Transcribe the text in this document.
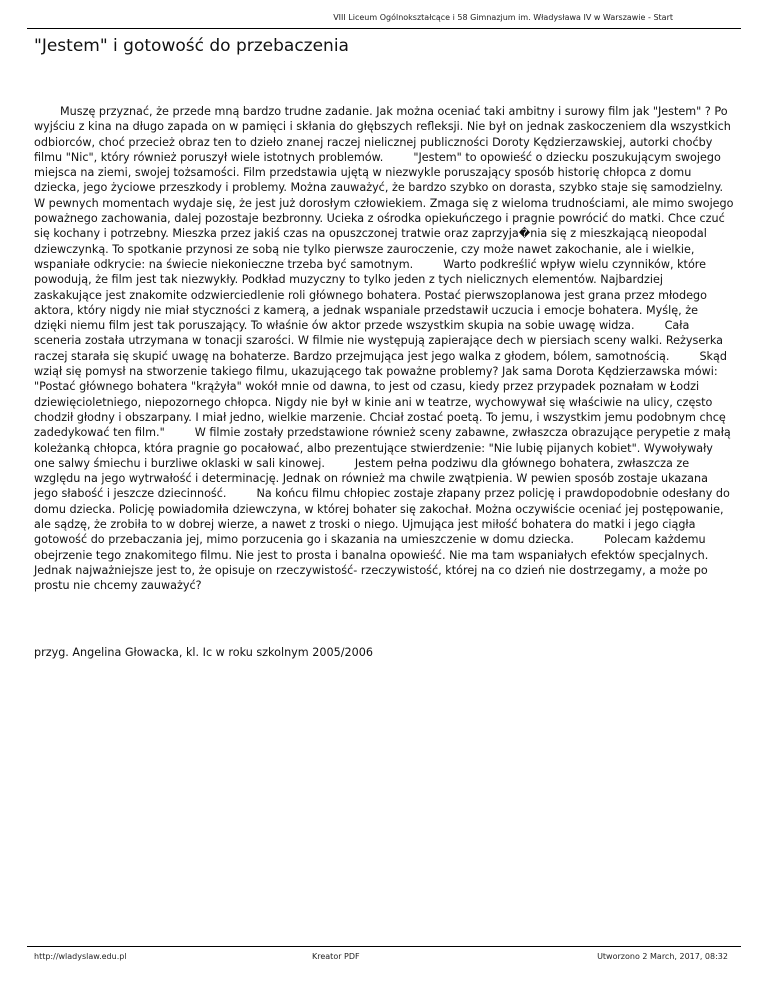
VIII Liceum Ogólnokształcące i 58 Gimnazjum im. Władysława IV w Warszawie - Start
"Jestem" i gotowość do przebaczenia

Muszę przyznać, że przede mną bardzo trudne zadanie. Jak można oceniać taki ambitny i surowy film jak "Jestem" ? Po wyjściu z kina na długo zapada on w pamięci i skłania do głębszych refleksji. Nie był on jednak zaskoczeniem dla wszystkich odbiorców, choć przecież obraz ten to dzieło znanej raczej nielicznej publiczności Doroty Kędzierzawskiej, autorki choćby filmu "Nic", który również poruszył wiele istotnych problemów.	"Jestem" to opowieść o dziecku poszukującym swojego miejsca na ziemi, swojej tożsamości. Film przedstawia ujętą w niezwykle poruszający sposób historię chłopca z domu dziecka, jego życiowe przeszkody i problemy. Można zauważyć, że bardzo szybko on dorasta, szybko staje się samodzielny. W pewnych momentach wydaje się, że jest już dorosłym człowiekiem. Zmaga się z wieloma trudnościami, ale mimo swojego poważnego zachowania, dalej pozostaje bezbronny. Ucieka z ośrodka opiekuńczego i pragnie powrócić do matki. Chce czuć się kochany i potrzebny. Mieszka przez jakiś czas na opuszczonej tratwie oraz zaprzyja�nia się z mieszkającą nieopodal dziewczynką. To spotkanie przynosi ze sobą nie tylko pierwsze zauroczenie, czy może nawet zakochanie, ale i wielkie, wspaniałe odkrycie: na świecie niekonieczne trzeba być samotnym.	Warto podkreślić wpływ wielu czynników, które powodują, że film jest tak niezwykły. Podkład muzyczny to tylko jeden z tych nielicznych elementów. Najbardziej zaskakujące jest znakomite odzwierciedlenie roli głównego bohatera. Postać pierwszoplanowa jest grana przez młodego aktora, który nigdy nie miał styczności z kamerą, a jednak wspaniale przedstawił uczucia i emocje bohatera. Myślę, że dzięki niemu film jest tak poruszający. To właśnie ów aktor przede wszystkim skupia na sobie uwagę widza.	Cała sceneria została utrzymana w tonacji szarości. W filmie nie występują zapierające dech w piersiach sceny walki. Reżyserka raczej starała się skupić uwagę na bohaterze. Bardzo przejmująca jest jego walka z głodem, bólem, samotnością.	Skąd wziął się pomysł na stworzenie takiego filmu, ukazującego tak poważne problemy? Jak sama Dorota Kędzierzawska mówi: "Postać głównego bohatera "krążyła" wokół mnie od dawna, to jest od czasu, kiedy przez przypadek poznałam w Łodzi dziewięcioletniego, niepozornego chłopca. Nigdy nie był w kinie ani w teatrze, wychowywał się właściwie na ulicy, często chodził głodny i obszarpany. I miał jedno, wielkie marzenie. Chciał zostać poetą. To jemu, i wszystkim jemu podobnym chcę zadedykować ten film."	W filmie zostały przedstawione również sceny zabawne, zwłaszcza obrazujące perypetie z małą koleżanką chłopca, która pragnie go pocałować, albo prezentujące stwierdzenie: "Nie lubię pijanych kobiet". Wywoływały one salwy śmiechu i burzliwe oklaski w sali kinowej.	Jestem pełna podziwu dla głównego bohatera, zwłaszcza ze względu na jego wytrwałość i determinację. Jednak on również ma chwile zwątpienia. W pewien sposób zostaje ukazana jego słabość i jeszcze dziecinność.	Na końcu filmu chłopiec zostaje złapany przez policję i prawdopodobnie odesłany do domu dziecka. Policję powiadomiła dziewczyna, w której bohater się zakochał. Można oczywiście oceniać jej postępowanie, ale sądzę, że zrobiła to w dobrej wierze, a nawet z troski o niego. Ujmująca jest miłość bohatera do matki i jego ciągła gotowość do przebaczania jej, mimo porzucenia go i skazania na umieszczenie w domu dziecka.	Polecam każdemu obejrzenie tego znakomitego filmu. Nie jest to prosta i banalna opowieść. Nie ma tam wspaniałych efektów specjalnych. Jednak najważniejsze jest to, że opisuje on rzeczywistość- rzeczywistość, której na co dzień nie dostrzegamy, a może po prostu nie chcemy zauważyć?

przyg. Angelina Głowacka, kl. Ic w roku szkolnym 2005/2006

http://wladyslaw.edu.pl	Kreator PDF	Utworzono 2 March, 2017, 08:32
